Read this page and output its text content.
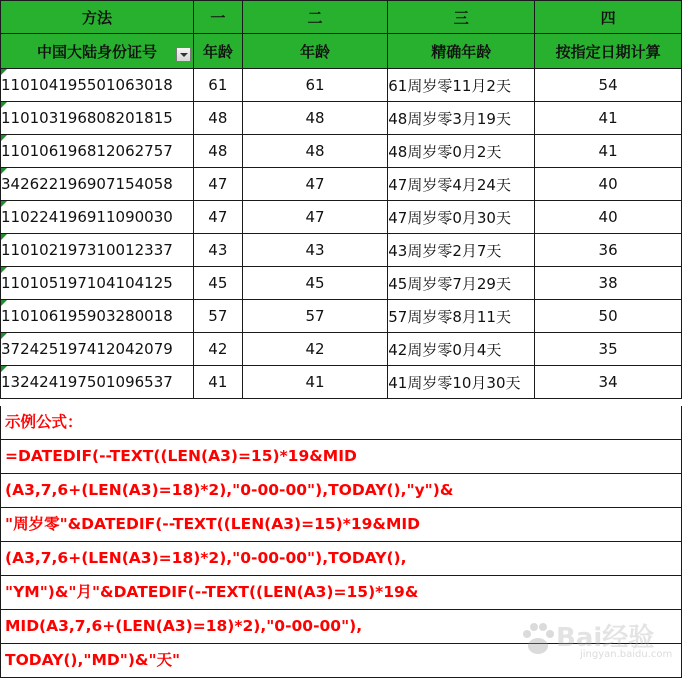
方法	一	二	三	四
中国大陆身份证号	年龄	年龄	精确年龄	按指定日期计算
110104195501063018	61	61	61周岁零11月2天	54
110103196808201815	48	48	48周岁零3月19天	41
110106196812062757	48	48	48周岁零0月2天	41
342622196907154058	47	47	47周岁零4月24天	40
110224196911090030	47	47	47周岁零0月30天	40
110102197310012337	43	43	43周岁零2月7天	36
110105197104104125	45	45	45周岁零7月29天	38
110106195903280018	57	57	57周岁零8月11天	50
372425197412042079	42	42	42周岁零0月4天	35
132424197501096537	41	41	41周岁零10月30天	34
示例公式：
=DATEDIF(--TEXT((LEN(A3)=15)*19&MID
(A3,7,6+(LEN(A3)=18)*2),"0-00-00"),TODAY(),"y")&
"周岁零"&DATEDIF(--TEXT((LEN(A3)=15)*19&MID
(A3,7,6+(LEN(A3)=18)*2),"0-00-00"),TODAY(),
"YM")&"月"&DATEDIF(--TEXT((LEN(A3)=15)*19&
MID(A3,7,6+(LEN(A3)=18)*2),"0-00-00"),
TODAY(),"MD")&"天"
Bai经验
jingyan.baidu.com
